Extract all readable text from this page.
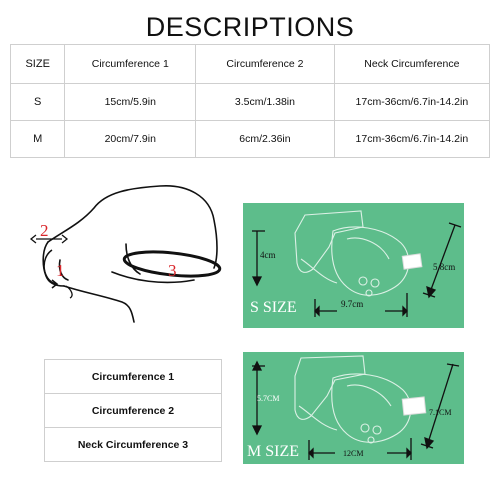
DESCRIPTIONS
SIZE	Circumference 1	Circumference 2	Neck Circumference
S	15cm/5.9in	3.5cm/1.38in	17cm-36cm/6.7in-14.2in
M	20cm/7.9in	6cm/2.36in	17cm-36cm/6.7in-14.2in
2
1	3
Circumference 1
Circumference 2
Neck Circumference 3
4cm
5.8cm
9.7cm
S SIZE
5.7CM
7.1CM
12CM
M SIZE
